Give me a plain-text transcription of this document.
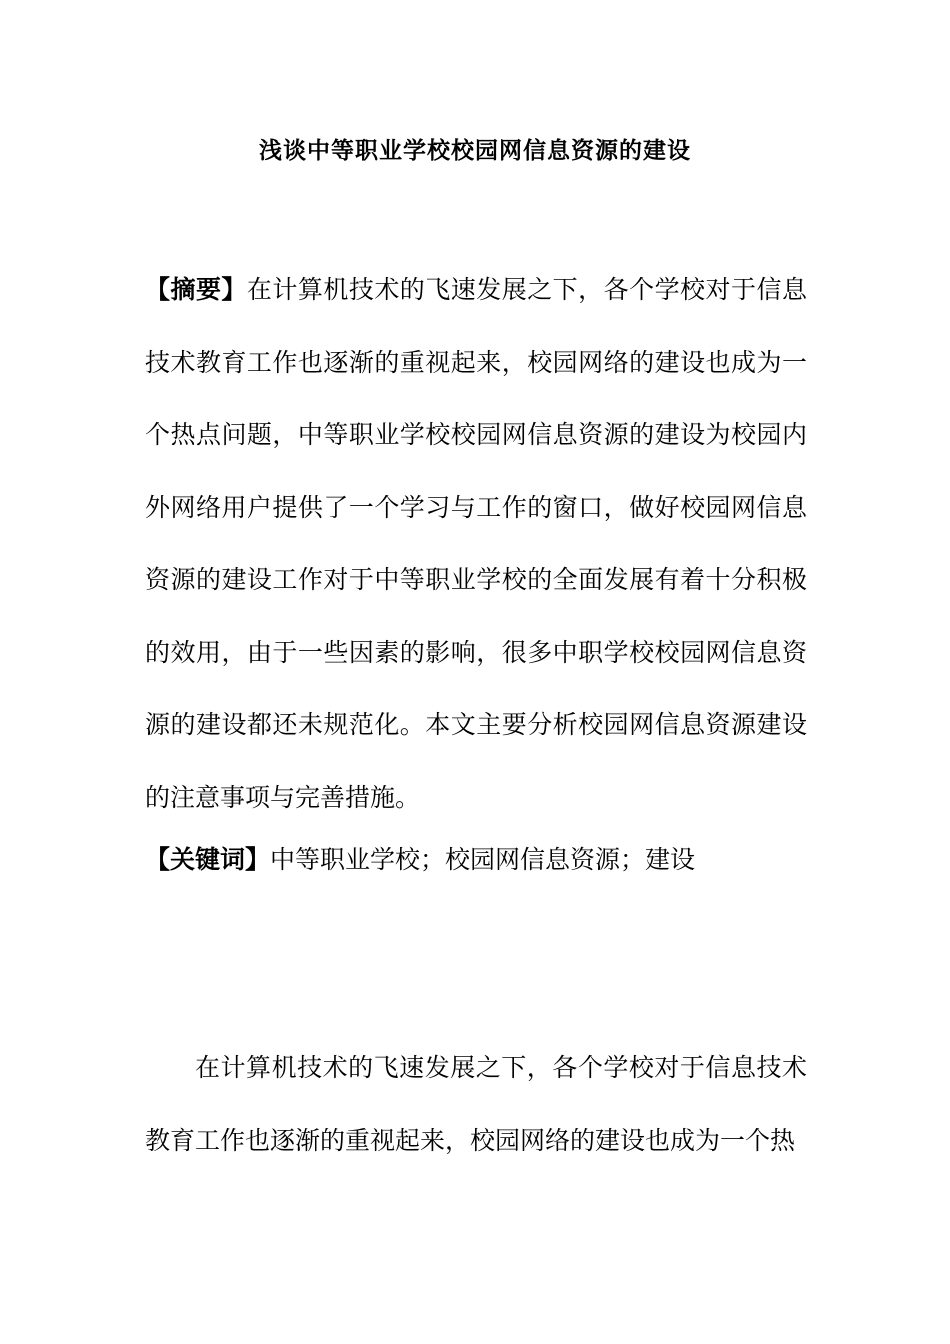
浅谈中等职业学校校园网信息资源的建设

【摘要】在计算机技术的飞速发展之下，各个学校对于信息技术教育工作也逐渐的重视起来，校园网络的建设也成为一个热点问题，中等职业学校校园网信息资源的建设为校园内外网络用户提供了一个学习与工作的窗口，做好校园网信息资源的建设工作对于中等职业学校的全面发展有着十分积极的效用，由于一些因素的影响，很多中职学校校园网信息资源的建设都还未规范化。本文主要分析校园网信息资源建设的注意事项与完善措施。

【关键词】中等职业学校；校园网信息资源；建设

在计算机技术的飞速发展之下，各个学校对于信息技术教育工作也逐渐的重视起来，校园网络的建设也成为一个热
